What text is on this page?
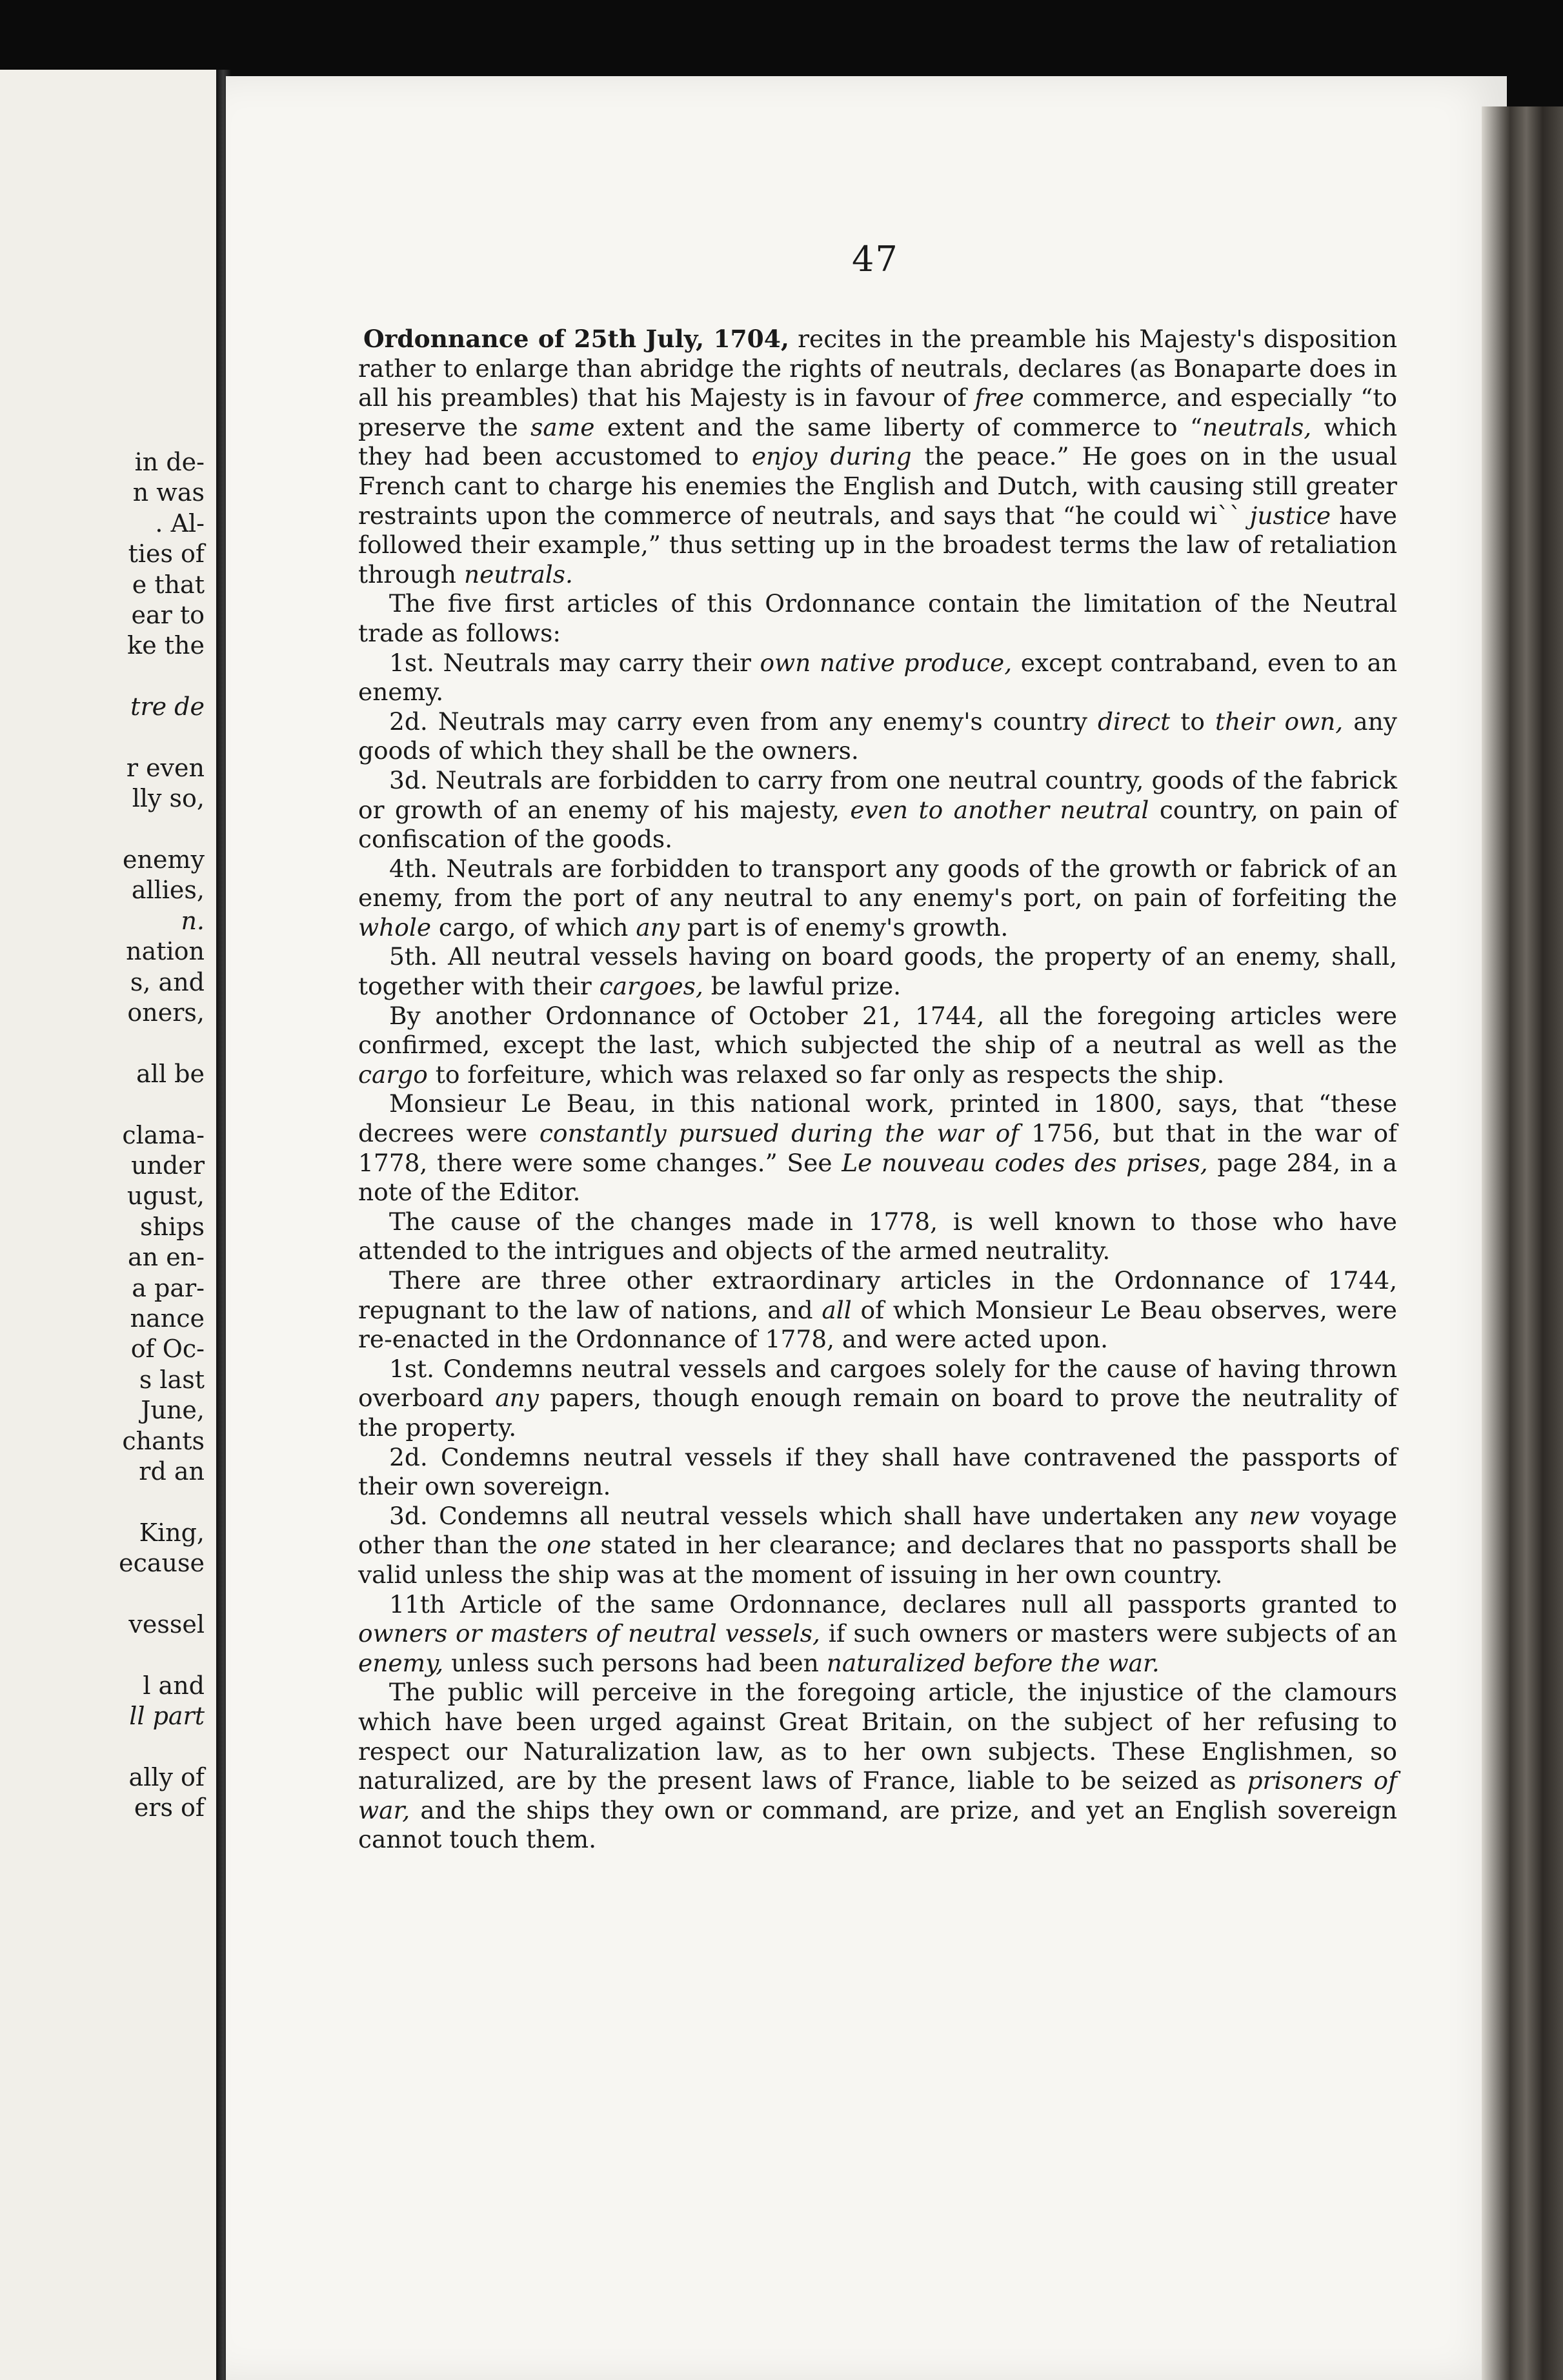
in de-
n was
. Al-
ties of
e that
ear to
ke the
tre de
r even
lly so,
enemy
allies,
n.
nation
s, and
oners,
all be
clama-
under
ugust,
ships
an en-
a par-
nance
of Oc-
s last
June,
chants
rd an
King,
ecause
vessel
l and
ll part
ally of
ers of
47

Ordonnance of 25th July, 1704, recites in the preamble his Majesty's disposition rather to enlarge than abridge the rights of neutrals, declares (as Bonaparte does in all his preambles) that his Majesty is in favour of free commerce, and especially “to preserve the same extent and the same liberty of commerce to “neutrals, which they had been accustomed to enjoy during the peace.” He goes on in the usual French cant to charge his enemies the English and Dutch, with causing still greater restraints upon the commerce of neutrals, and says that “he could wi`` justice have followed their example,” thus setting up in the broadest terms the law of retaliation through neutrals.

The five first articles of this Ordonnance contain the limitation of the Neutral trade as follows:

1st. Neutrals may carry their own native produce, except contraband, even to an enemy.

2d. Neutrals may carry even from any enemy's country direct to their own, any goods of which they shall be the owners.

3d. Neutrals are forbidden to carry from one neutral country, goods of the fabrick or growth of an enemy of his majesty, even to another neutral country, on pain of confiscation of the goods.

4th. Neutrals are forbidden to transport any goods of the growth or fabrick of an enemy, from the port of any neutral to any enemy's port, on pain of forfeiting the whole cargo, of which any part is of enemy's growth.

5th. All neutral vessels having on board goods, the property of an enemy, shall, together with their cargoes, be lawful prize.

By another Ordonnance of October 21, 1744, all the foregoing articles were confirmed, except the last, which subjected the ship of a neutral as well as the cargo to forfeiture, which was relaxed so far only as respects the ship.

Monsieur Le Beau, in this national work, printed in 1800, says, that “these decrees were constantly pursued during the war of 1756, but that in the war of 1778, there were some changes.” See Le nouveau codes des prises, page 284, in a note of the Editor.

The cause of the changes made in 1778, is well known to those who have attended to the intrigues and objects of the armed neutrality.

There are three other extraordinary articles in the Ordonnance of 1744, repugnant to the law of nations, and all of which Monsieur Le Beau observes, were re-enacted in the Ordonnance of 1778, and were acted upon.

1st. Condemns neutral vessels and cargoes solely for the cause of having thrown overboard any papers, though enough remain on board to prove the neutrality of the property.

2d. Condemns neutral vessels if they shall have contravened the passports of their own sovereign.

3d. Condemns all neutral vessels which shall have undertaken any new voyage other than the one stated in her clearance; and declares that no passports shall be valid unless the ship was at the moment of issuing in her own country.

11th Article of the same Ordonnance, declares null all passports granted to owners or masters of neutral vessels, if such owners or masters were subjects of an enemy, unless such persons had been naturalized before the war.

The public will perceive in the foregoing article, the injustice of the clamours which have been urged against Great Britain, on the subject of her refusing to respect our Naturalization law, as to her own subjects. These Englishmen, so naturalized, are by the present laws of France, liable to be seized as prisoners of war, and the ships they own or command, are prize, and yet an English sovereign cannot touch them.
